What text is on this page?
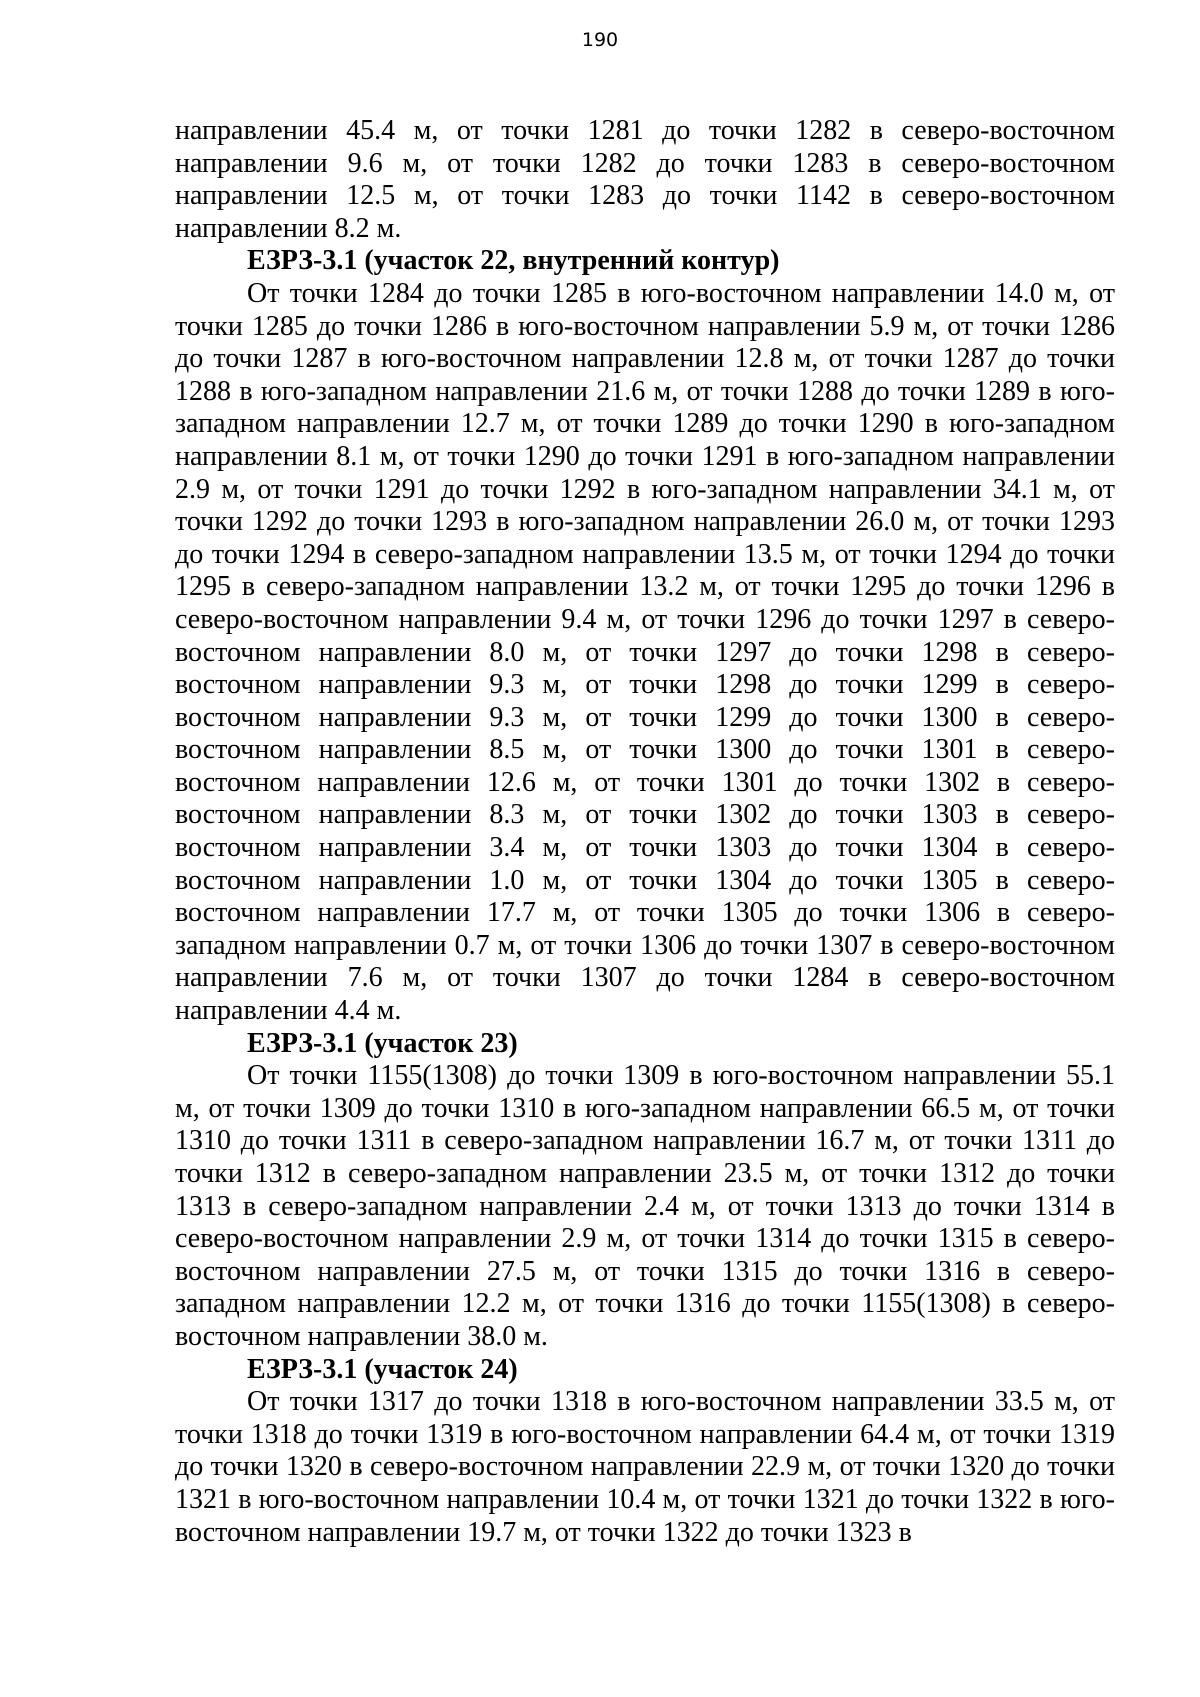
190

направлении 45.4 м, от точки 1281 до точки 1282 в северо-восточном направлении 9.6 м, от точки 1282 до точки 1283 в северо-восточном направлении 12.5 м, от точки 1283 до точки 1142 в северо-восточном направлении 8.2 м.

ЕЗРЗ-3.1 (участок 22, внутренний контур)

От точки 1284 до точки 1285 в юго-восточном направлении 14.0 м, от точки 1285 до точки 1286 в юго-восточном направлении 5.9 м, от точки 1286 до точки 1287 в юго-восточном направлении 12.8 м, от точки 1287 до точки 1288 в юго-западном направлении 21.6 м, от точки 1288 до точки 1289 в юго-западном направлении 12.7 м, от точки 1289 до точки 1290 в юго-западном направлении 8.1 м, от точки 1290 до точки 1291 в юго-западном направлении 2.9 м, от точки 1291 до точки 1292 в юго-западном направлении 34.1 м, от точки 1292 до точки 1293 в юго-западном направлении 26.0 м, от точки 1293 до точки 1294 в северо-западном направлении 13.5 м, от точки 1294 до точки 1295 в северо-западном направлении 13.2 м, от точки 1295 до точки 1296 в северо-восточном направлении 9.4 м, от точки 1296 до точки 1297 в северо-восточном направлении 8.0 м, от точки 1297 до точки 1298 в северо-восточном направлении 9.3 м, от точки 1298 до точки 1299 в северо-восточном направлении 9.3 м, от точки 1299 до точки 1300 в северо-восточном направлении 8.5 м, от точки 1300 до точки 1301 в северо-восточном направлении 12.6 м, от точки 1301 до точки 1302 в северо-восточном направлении 8.3 м, от точки 1302 до точки 1303 в северо-восточном направлении 3.4 м, от точки 1303 до точки 1304 в северо-восточном направлении 1.0 м, от точки 1304 до точки 1305 в северо-восточном направлении 17.7 м, от точки 1305 до точки 1306 в северо-западном направлении 0.7 м, от точки 1306 до точки 1307 в северо-восточном направлении 7.6 м, от точки 1307 до точки 1284 в северо-восточном направлении 4.4 м.

ЕЗРЗ-3.1 (участок 23)

От точки 1155(1308) до точки 1309 в юго-восточном направлении 55.1 м, от точки 1309 до точки 1310 в юго-западном направлении 66.5 м, от точки 1310 до точки 1311 в северо-западном направлении 16.7 м, от точки 1311 до точки 1312 в северо-западном направлении 23.5 м, от точки 1312 до точки 1313 в северо-западном направлении 2.4 м, от точки 1313 до точки 1314 в северо-восточном направлении 2.9 м, от точки 1314 до точки 1315 в северо-восточном направлении 27.5 м, от точки 1315 до точки 1316 в северо-западном направлении 12.2 м, от точки 1316 до точки 1155(1308) в северо-восточном направлении 38.0 м.

ЕЗРЗ-3.1 (участок 24)

От точки 1317 до точки 1318 в юго-восточном направлении 33.5 м, от точки 1318 до точки 1319 в юго-восточном направлении 64.4 м, от точки 1319 до точки 1320 в северо-восточном направлении 22.9 м, от точки 1320 до точки 1321 в юго-восточном направлении 10.4 м, от точки 1321 до точки 1322 в юго-восточном направлении 19.7 м, от точки 1322 до точки 1323 в
